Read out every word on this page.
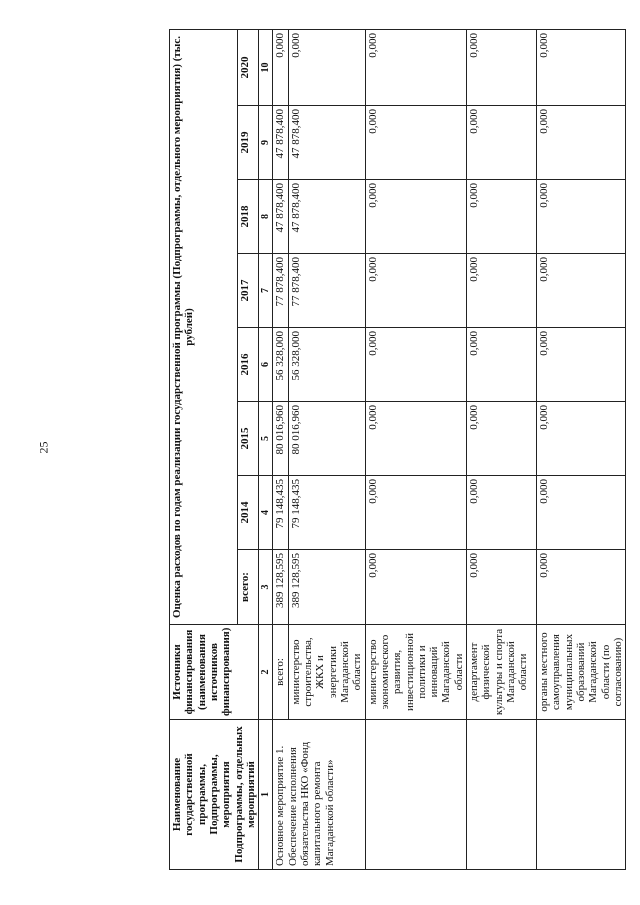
25
Наименование государственной программы, Подпрограммы, мероприятия Подпрограммы, отдельных мероприятий	Источники финансирования (наименования источников финансирования)	Оценка расходов по годам реализации государственной программы (Подпрограммы, отдельного мероприятия) (тыс. рублей)							
		всего:	2014	2015	2016	2017	2018	2019	2020
1	2	3	4	5	6	7	8	9	10

Основное мероприятие 1. Обеспечение исполнения обязательства НКО «Фонд капитального ремонта Магаданской области»	всего:	389 128,595	79 148,435	80 016,960	56 328,000	77 878,400	47 878,400	47 878,400	0,000
	министерство строительства, ЖКХ и энергетики Магаданской области	389 128,595	79 148,435	80 016,960	56 328,000	77 878,400	47 878,400	47 878,400	0,000
	министерство экономического развития, инвестиционной политики и инноваций Магаданской области	0,000	0,000	0,000	0,000	0,000	0,000	0,000	0,000
	департамент физической культуры и спорта Магаданской области	0,000	0,000	0,000	0,000	0,000	0,000	0,000	0,000
	органы местного самоуправления муниципальных образований Магаданской области (по согласованию)	0,000	0,000	0,000	0,000	0,000	0,000	0,000	0,000
